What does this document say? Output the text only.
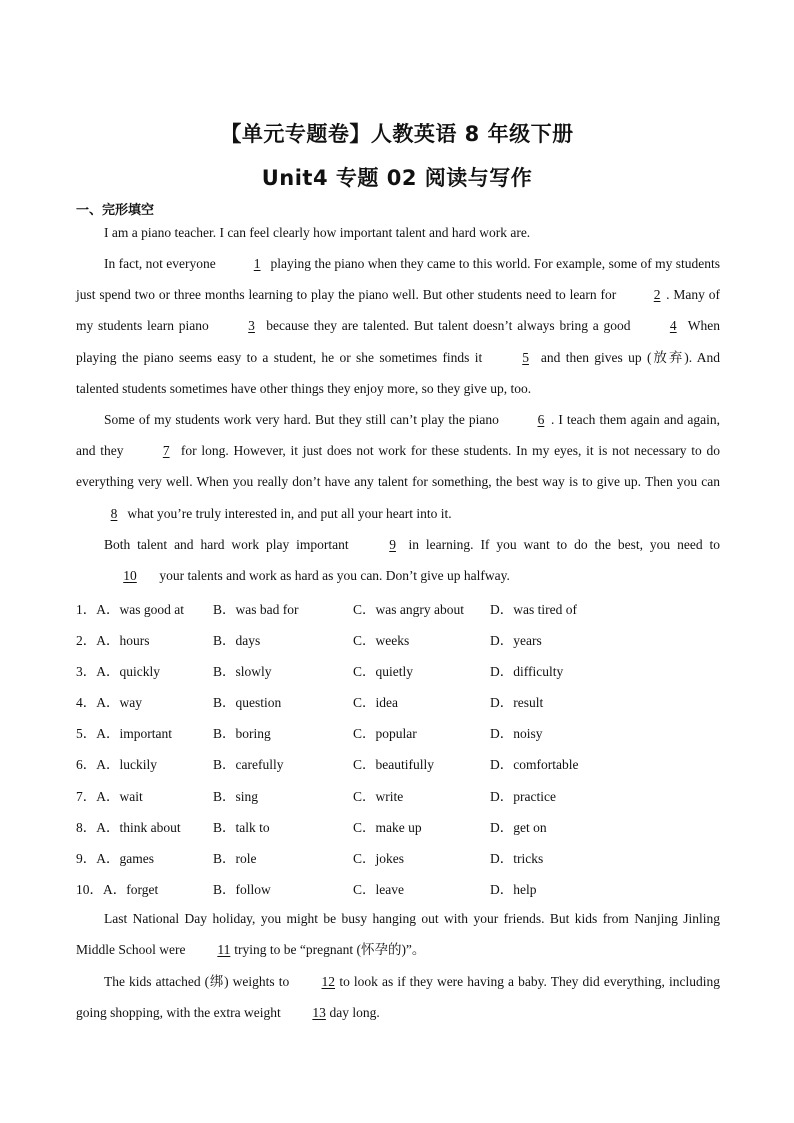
【单元专题卷】人教英语 8 年级下册
Unit4 专题 02 阅读与写作
一、完形填空
I am a piano teacher. I can feel clearly how important talent and hard work are.
In fact, not everyone	1 playing the piano when they came to this world. For example, some of my students just spend two or three months learning to play the piano well. But other students need to learn for 2 . Many of my students learn piano	3 because they are talented. But talent doesn’t always bring a good	4 When playing the piano seems easy to a student, he or she sometimes finds it	5 and then gives up (放弃). And talented students sometimes have other things they enjoy more, so they give up, too.
Some of my students work very hard. But they still can’t play the piano	6 . I teach them again and again, and they	7 for long. However, it just does not work for these students. In my eyes, it is not necessary to do everything very well. When you really don’t have any talent for something, the best way is to give up. Then you can 8 what you’re truly interested in, and put all your heart into it.
Both talent and hard work play important 9 in learning. If you want to do the best, you need to 10 your talents and work as hard as you can. Don’t give up halfway.
1．A．was good at B．was bad for	C．was angry about D．was tired of
2．A．hours	B．days	C．weeks	D．years
3．A．quickly	B．slowly	C．quietly	D．difficulty
4．A．way	B．question	C．idea	D．result
5．A．important	B．boring	C．popular	D．noisy
6．A．luckily	B．carefully	C．beautifully	D．comfortable
7．A．wait	B．sing	C．write	D．practice
8．A．think about B．talk to	C．make up	D．get on
9．A．games	B．role	C．jokes	D．tricks
10．A．forget	B．follow	C．leave	D．help
Last National Day holiday, you might be busy hanging out with your friends. But kids from Nanjing Jinling Middle School were 11 trying to be “pregnant (怀孕的)”。
The kids attached (绑) weights to 12 to look as if they were having a baby. They did everything, including going shopping, with the extra weight 13 day long.
